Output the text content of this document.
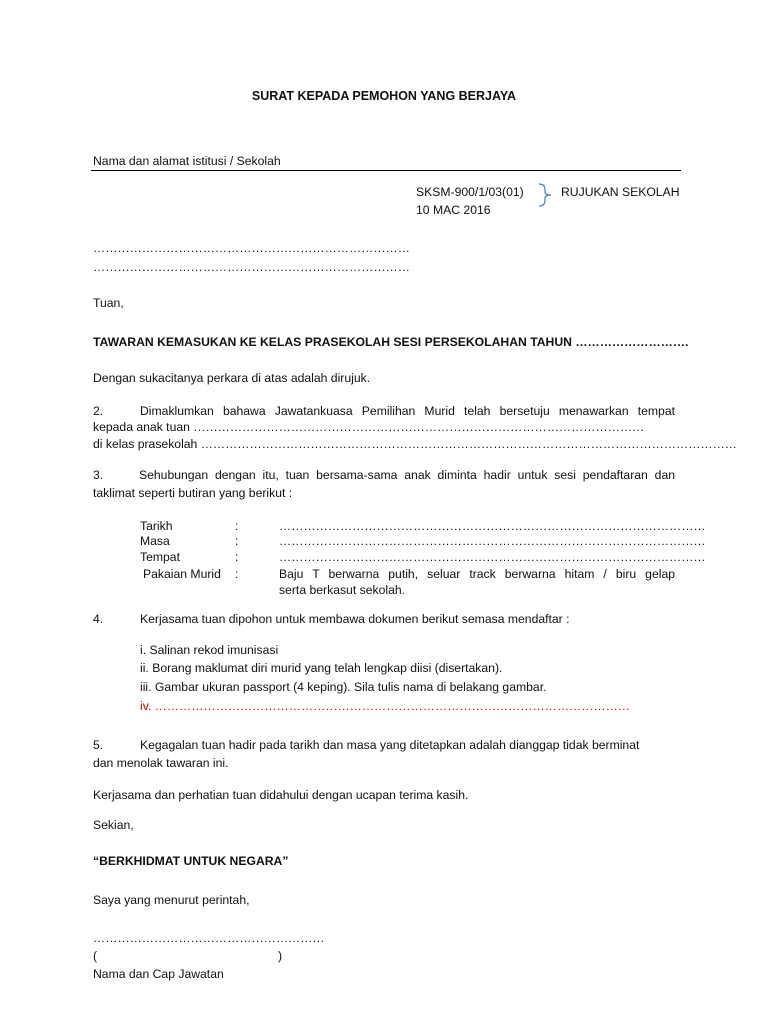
SURAT KEPADA PEMOHON YANG BERJAYA
Nama dan alamat istitusi / Sekolah
SKSM-900/1/03(01)	RUJUKAN SEKOLAH
10 MAC 2016
……………………………………………………………………
……………………………………………………………………
Tuan,
TAWARAN KEMASUKAN KE KELAS PRASEKOLAH SESI PERSEKOLAHAN TAHUN ……………………….
Dengan sukacitanya perkara di atas adalah dirujuk.
2.	Dimaklumkan bahawa Jawatankuasa Pemilihan Murid telah bersetuju menawarkan tempat
kepada anak tuan …………………………………………………………………………………………………
di kelas prasekolah ……………………………………………………………………………………………………………………
3.	Sehubungan dengan itu, tuan bersama-sama anak diminta hadir untuk sesi pendaftaran dan
taklimat seperti butiran yang berikut :
Tarikh	:	……………………………………………………………………………………………
Masa	:	……………………………………………………………………………………………
Tempat	:	……………………………………………………………………………………………
Pakaian Murid :	Baju T berwarna putih, seluar track berwarna hitam / biru gelap
serta berkasut sekolah.
4.	Kerjasama tuan dipohon untuk membawa dokumen berikut semasa mendaftar :
i. Salinan rekod imunisasi
ii. Borang maklumat diri murid yang telah lengkap diisi (disertakan).
iii. Gambar ukuran passport (4 keping). Sila tulis nama di belakang gambar.
iv. ………………………………………………………………………………………………………
5.	Kegagalan tuan hadir pada tarikh dan masa yang ditetapkan adalah dianggap tidak berminat
dan menolak tawaran ini.
Kerjasama dan perhatian tuan didahului dengan ucapan terima kasih.
Sekian,
“BERKHIDMAT UNTUK NEGARA”
Saya yang menurut perintah,
…………………………………………………
(	)
Nama dan Cap Jawatan
